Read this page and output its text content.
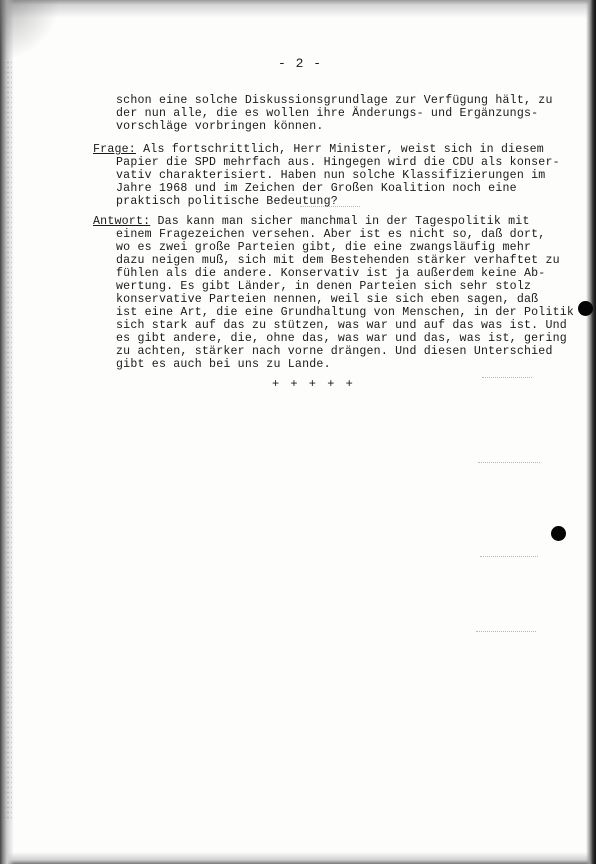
- 2 -
schon eine solche Diskussionsgrundlage zur Verfügung hält, zu
der nun alle, die es wollen ihre Änderungs- und Ergänzungs-
vorschläge vorbringen können.
Frage: Als fortschrittlich, Herr Minister, weist sich in diesem
Papier die SPD mehrfach aus. Hingegen wird die CDU als konser-
vativ charakterisiert. Haben nun solche Klassifizierungen im
Jahre 1968 und im Zeichen der Großen Koalition noch eine
praktisch politische Bedeutung?
Antwort: Das kann man sicher manchmal in der Tagespolitik mit
einem Fragezeichen versehen. Aber ist es nicht so, daß dort,
wo es zwei große Parteien gibt, die eine zwangsläufig mehr
dazu neigen muß, sich mit dem Bestehenden stärker verhaftet zu
fühlen als die andere. Konservativ ist ja außerdem keine Ab-
wertung. Es gibt Länder, in denen Parteien sich sehr stolz
konservative Parteien nennen, weil sie sich eben sagen, daß
ist eine Art, die eine Grundhaltung von Menschen, in der Politik
sich stark auf das zu stützen, was war und auf das was ist. Und
es gibt andere, die, ohne das, was war und das, was ist, gering
zu achten, stärker nach vorne drängen. Und diesen Unterschied
gibt es auch bei uns zu Lande.
+ + + + +
